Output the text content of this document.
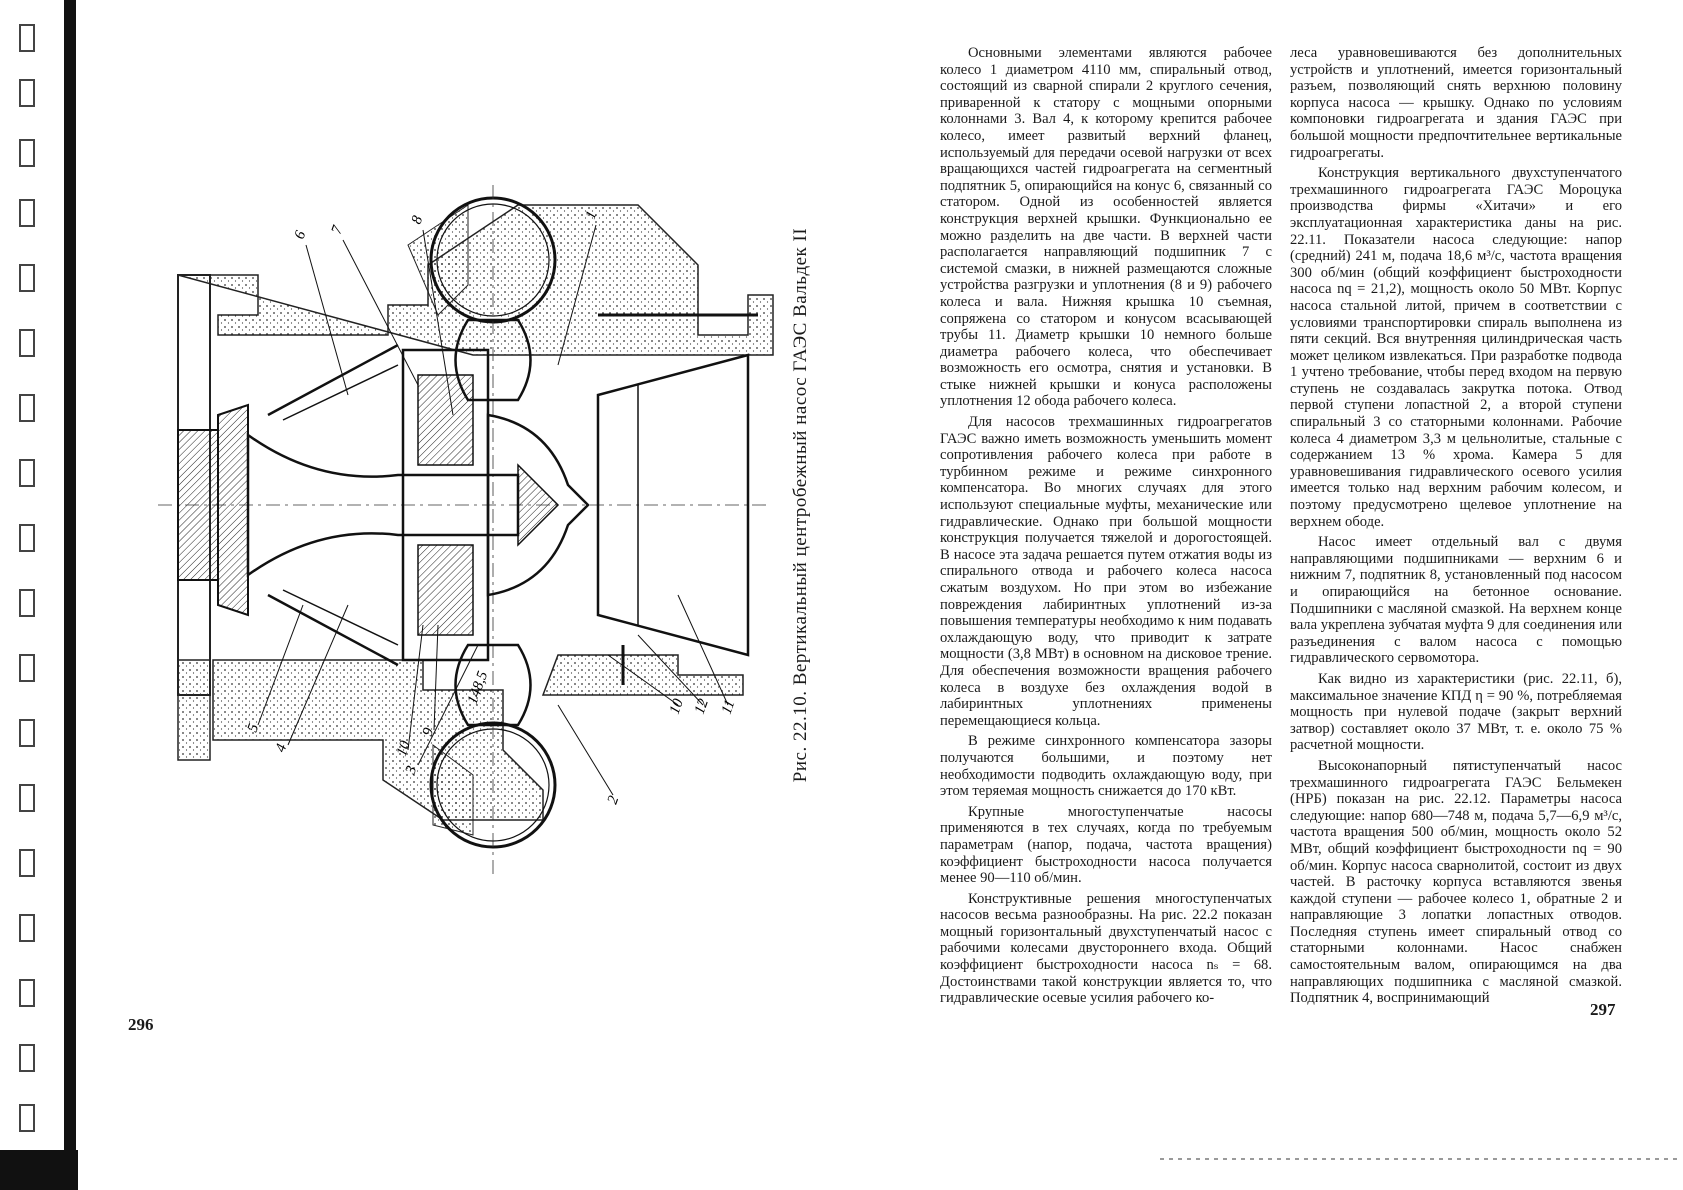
6 7
8	1
5
4	10
9
3
2
10 12 11
148,5	Рис. 22.10. Вертикальный центробежный насос ГАЭС Вальдек II
296

Основными элементами являются рабочее колесо 1 диаметром 4110 мм, спиральный отвод, состоящий из сварной спирали 2 круглого сечения, приваренной к статору с мощными опорными колоннами 3. Вал 4, к которому крепится рабочее колесо, имеет развитый верхний фланец, используемый для передачи осевой нагрузки от всех вращающихся частей гидроагрегата на сегментный подпятник 5, опирающийся на конус 6, связанный со статором. Одной из особенностей является конструкция верхней крышки. Функционально ее можно разделить на две части. В верхней части располагается направляющий подшипник 7 с системой смазки, в нижней размещаются сложные устройства разгрузки и уплотнения (8 и 9) рабочего колеса и вала. Нижняя крышка 10 съемная, сопряжена со статором и конусом всасывающей трубы 11. Диаметр крышки 10 немного больше диаметра рабочего колеса, что обеспечивает возможность его осмотра, снятия и установки. В стыке нижней крышки и конуса расположены уплотнения 12 обода рабочего колеса.

Для насосов трехмашинных гидроагрегатов ГАЭС важно иметь возможность уменьшить момент сопротивления рабочего колеса при работе в турбинном режиме и режиме синхронного компенсатора. Во многих случаях для этого используют специальные муфты, механические или гидравлические. Однако при большой мощности конструкция получается тяжелой и дорогостоящей. В насосе эта задача решается путем отжатия воды из спирального отвода и рабочего колеса насоса сжатым воздухом. Но при этом во избежание повреждения лабиринтных уплотнений из-за повышения температуры необходимо к ним подавать охлаждающую воду, что приводит к затрате мощности (3,8 МВт) в основном на дисковое трение. Для обеспечения возможности вращения рабочего колеса в воздухе без охлаждения водой в лабиринтных уплотнениях применены перемещающиеся кольца.

В режиме синхронного компенсатора зазоры получаются большими, и поэтому нет необходимости подводить охлаждающую воду, при этом теряемая мощность снижается до 170 кВт.

Крупные многоступенчатые насосы применяются в тех случаях, когда по требуемым параметрам (напор, подача, частота вращения) коэффициент быстроходности насоса получается менее 90—110 об/мин.

Конструктивные решения многоступенчатых насосов весьма разнообразны. На рис. 22.2 показан мощный горизонтальный двухступенчатый насос с рабочими колесами двустороннего входа. Общий коэффициент быстроходности насоса nₛ = 68. Достоинствами такой конструкции является то, что гидравлические осевые усилия рабочего ко-

леса уравновешиваются без дополнительных устройств и уплотнений, имеется горизонтальный разъем, позволяющий снять верхнюю половину корпуса насоса — крышку. Однако по условиям компоновки гидроагрегата и здания ГАЭС при большой мощности предпочтительнее вертикальные гидроагрегаты.

Конструкция вертикального двухступенчатого трехмашинного гидроагрегата ГАЭС Мороцука производства фирмы «Хитачи» и его эксплуатационная характеристика даны на рис. 22.11. Показатели насоса следующие: напор (средний) 241 м, подача 18,6 м³/с, частота вращения 300 об/мин (общий коэффициент быстроходности насоса nq = 21,2), мощность около 50 МВт. Корпус насоса стальной литой, причем в соответствии с условиями транспортировки спираль выполнена из пяти секций. Вся внутренняя цилиндрическая часть может целиком извлекаться. При разработке подвода 1 учтено требование, чтобы перед входом на первую ступень не создавалась закрутка потока. Отвод первой ступени лопастной 2, а второй ступени спиральный 3 со статорными колоннами. Рабочие колеса 4 диаметром 3,3 м цельнолитые, стальные с содержанием 13 % хрома. Камера 5 для уравновешивания гидравлического осевого усилия имеется только над верхним рабочим колесом, и поэтому предусмотрено щелевое уплотнение на верхнем ободе.

Насос имеет отдельный вал с двумя направляющими подшипниками — верхним 6 и нижним 7, подпятник 8, установленный под насосом и опирающийся на бетонное основание. Подшипники с масляной смазкой. На верхнем конце вала укреплена зубчатая муфта 9 для соединения или разъединения с валом насоса с помощью гидравлического сервомотора.

Как видно из характеристики (рис. 22.11, б), максимальное значение КПД η = 90 %, потребляемая мощность при нулевой подаче (закрыт верхний затвор) составляет около 37 МВт, т. е. около 75 % расчетной мощности.

Высоконапорный пятиступенчатый насос трехмашинного гидроагрегата ГАЭС Бельмекен (НРБ) показан на рис. 22.12. Параметры насоса следующие: напор 680—748 м, подача 5,7—6,9 м³/с, частота вращения 500 об/мин, мощность около 52 МВт, общий коэффициент быстроходности nq = 90 об/мин. Корпус насоса сварнолитой, состоит из двух частей. В расточку корпуса вставляются звенья каждой ступени — рабочее колесо 1, обратные 2 и направляющие 3 лопатки лопастных отводов. Последняя ступень имеет спиральный отвод со статорными колоннами. Насос снабжен самостоятельным валом, опирающимся на два направляющих подшипника с масляной смазкой. Подпятник 4, воспринимающий

297
